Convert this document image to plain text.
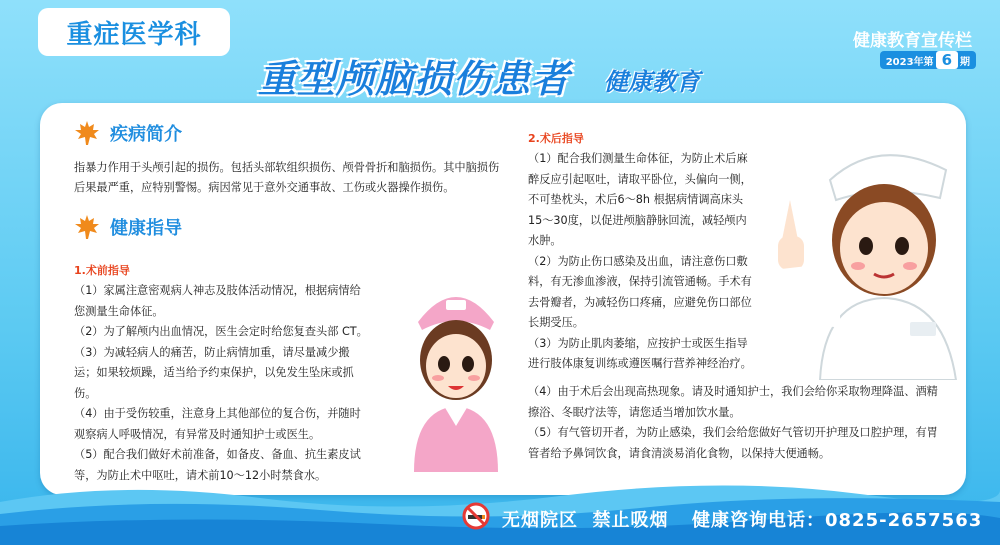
重症医学科
重型颅脑损伤患者 健康教育
健康教育宣传栏
2023年第 6 期
疾病简介

指暴力作用于头颅引起的损伤。包括头部软组织损伤、颅骨骨折和脑损伤。其中脑损伤后果最严重，应特别警惕。病因常见于意外交通事故、工伤或火器操作损伤。

健康指导
1.术前指导
（1）家属注意密观病人神志及肢体活动情况，根据病情给
您测量生命体征。
（2）为了解颅内出血情况，医生会定时给您复查头部 CT。
（3）为减轻病人的痛苦，防止病情加重，请尽量减少搬
运；如果较烦躁，适当给予约束保护，以免发生坠床或抓
伤。
（4）由于受伤较重，注意身上其他部位的复合伤，并随时
观察病人呼吸情况，有异常及时通知护士或医生。
（5）配合我们做好术前准备，如备皮、备血、抗生素皮试
等，为防止术中呕吐，请术前10～12小时禁食水。
2.术后指导
（1）配合我们测量生命体征，为防止术后麻
醉反应引起呕吐，请取平卧位，头偏向一侧，
不可垫枕头，术后6～8h 根据病情调高床头
15～30度，以促进颅脑静脉回流，减轻颅内
水肿。
（2）为防止伤口感染及出血，请注意伤口敷
料，有无渗血渗液，保持引流管通畅。手术有
去骨瓣者，为减轻伤口疼痛，应避免伤口部位
长期受压。
（3）为防止肌肉萎缩，应按护士或医生指导
进行肢体康复训练或遵医嘱行营养神经治疗。
（4）由于术后会出现高热现象。请及时通知护士，我们会给你采取物理降温、酒精
擦浴、冬眠疗法等，请您适当增加饮水量。
（5）有气管切开者，为防止感染，我们会给您做好气管切开护理及口腔护理，有胃
管者给予鼻饲饮食，请食清淡易消化食物，以保持大便通畅。
无烟院区  禁止吸烟 健康咨询电话：0825-2657563
